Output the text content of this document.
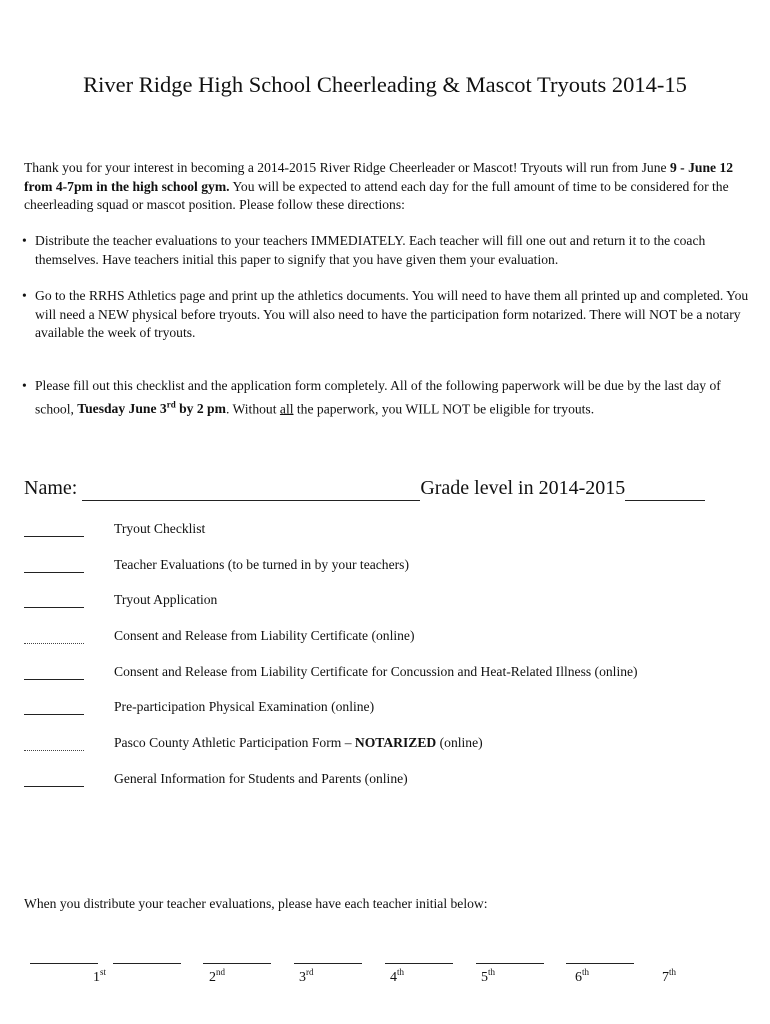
River Ridge High School Cheerleading & Mascot Tryouts 2014-15

Thank you for your interest in becoming a 2014-2015 River Ridge Cheerleader or Mascot! Tryouts will run from June 9 - June 12 from 4-7pm in the high school gym. You will be expected to attend each day for the full amount of time to be considered for the cheerleading squad or mascot position. Please follow these directions:

• Distribute the teacher evaluations to your teachers IMMEDIATELY. Each teacher will fill one out and return it to the coach themselves. Have teachers initial this paper to signify that you have given them your evaluation.

• Go to the RRHS Athletics page and print up the athletics documents. You will need to have them all printed up and completed. You will need a NEW physical before tryouts. You will also need to have the participation form notarized. There will NOT be a notary available the week of tryouts.

• Please fill out this checklist and the application form completely. All of the following paperwork will be due by the last day of school, Tuesday June 3rd by 2 pm. Without all the paperwork, you WILL NOT be eligible for tryouts.

Name:	Grade level in 2014-2015
Tryout Checklist
Teacher Evaluations (to be turned in by your teachers)
Tryout Application
Consent and Release from Liability Certificate (online)
Consent and Release from Liability Certificate for Concussion and Heat-Related Illness (online)
Pre-participation Physical Examination (online)
Pasco County Athletic Participation Form – NOTARIZED (online)
General Information for Students and Parents (online)
When you distribute your teacher evaluations, please have each teacher initial below:
1st	2nd	3rd	4th	5th	6th	7th
